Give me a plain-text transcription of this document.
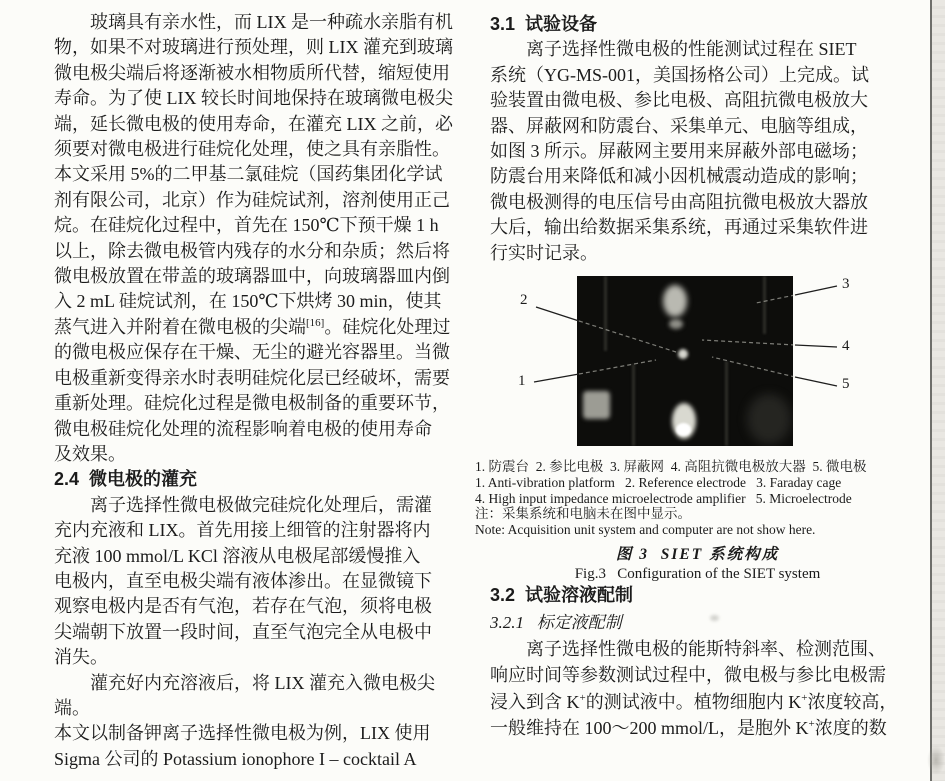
玻璃具有亲水性，而 LIX 是一种疏水亲脂有机
物，如果不对玻璃进行预处理，则 LIX 灌充到玻璃
微电极尖端后将逐渐被水相物质所代替，缩短使用
寿命。为了使 LIX 较长时间地保持在玻璃微电极尖
端，延长微电极的使用寿命，在灌充 LIX 之前，必
须要对微电极进行硅烷化处理，使之具有亲脂性。
本文采用 5%的二甲基二氯硅烷（国药集团化学试
剂有限公司，北京）作为硅烷试剂，溶剂使用正己
烷。在硅烷化过程中，首先在 150℃下预干燥 1 h
以上，除去微电极管内残存的水分和杂质；然后将
微电极放置在带盖的玻璃器皿中，向玻璃器皿内倒
入 2 mL 硅烷试剂，在 150℃下烘烤 30 min，使其
蒸气进入并附着在微电极的尖端[16]。硅烷化处理过
的微电极应保存在干燥、无尘的避光容器里。当微
电极重新变得亲水时表明硅烷化层已经破坏，需要
重新处理。硅烷化过程是微电极制备的重要环节，
微电极硅烷化处理的流程影响着电极的使用寿命
及效果。
2.4  微电极的灌充
离子选择性微电极做完硅烷化处理后，需灌
充内充液和 LIX。首先用接上细管的注射器将内
充液 100 mmol/L KCl 溶液从电极尾部缓慢推入
电极内，直至电极尖端有液体渗出。在显微镜下
观察电极内是否有气泡，若存在气泡，须将电极
尖端朝下放置一段时间，直至气泡完全从电极中
消失。
灌充好内充溶液后，将 LIX 灌充入微电极尖端。
本文以制备钾离子选择性微电极为例，LIX 使用
Sigma 公司的 Potassium ionophore I – cocktail A
3.1  试验设备
离子选择性微电极的性能测试过程在 SIET
系统（YG-MS-001，美国扬格公司）上完成。试
验装置由微电极、参比电极、高阻抗微电极放大
器、屏蔽网和防震台、采集单元、电脑等组成，
如图 3 所示。屏蔽网主要用来屏蔽外部电磁场；
防震台用来降低和减小因机械震动造成的影响；
微电极测得的电压信号由高阻抗微电极放大器放
大后，输出给数据采集系统，再通过采集软件进
行实时记录。
1
2
3
4
5
1. 防震台  2. 参比电极  3. 屏蔽网  4. 高阻抗微电极放大器  5. 微电极
1. Anti-vibration platform   2. Reference electrode   3. Faraday cage
4. High input impedance microelectrode amplifier   5. Microelectrode
注：采集系统和电脑未在图中显示。
Note: Acquisition unit system and computer are not show here.
图 3  SIET 系统构成
Fig.3   Configuration of the SIET system
3.2  试验溶液配制
3.2.1   标定液配制
离子选择性微电极的能斯特斜率、检测范围、
响应时间等参数测试过程中，微电极与参比电极需
浸入到含 K+的测试液中。植物细胞内 K+浓度较高，
一般维持在 100～200 mmol/L，是胞外 K+浓度的数
